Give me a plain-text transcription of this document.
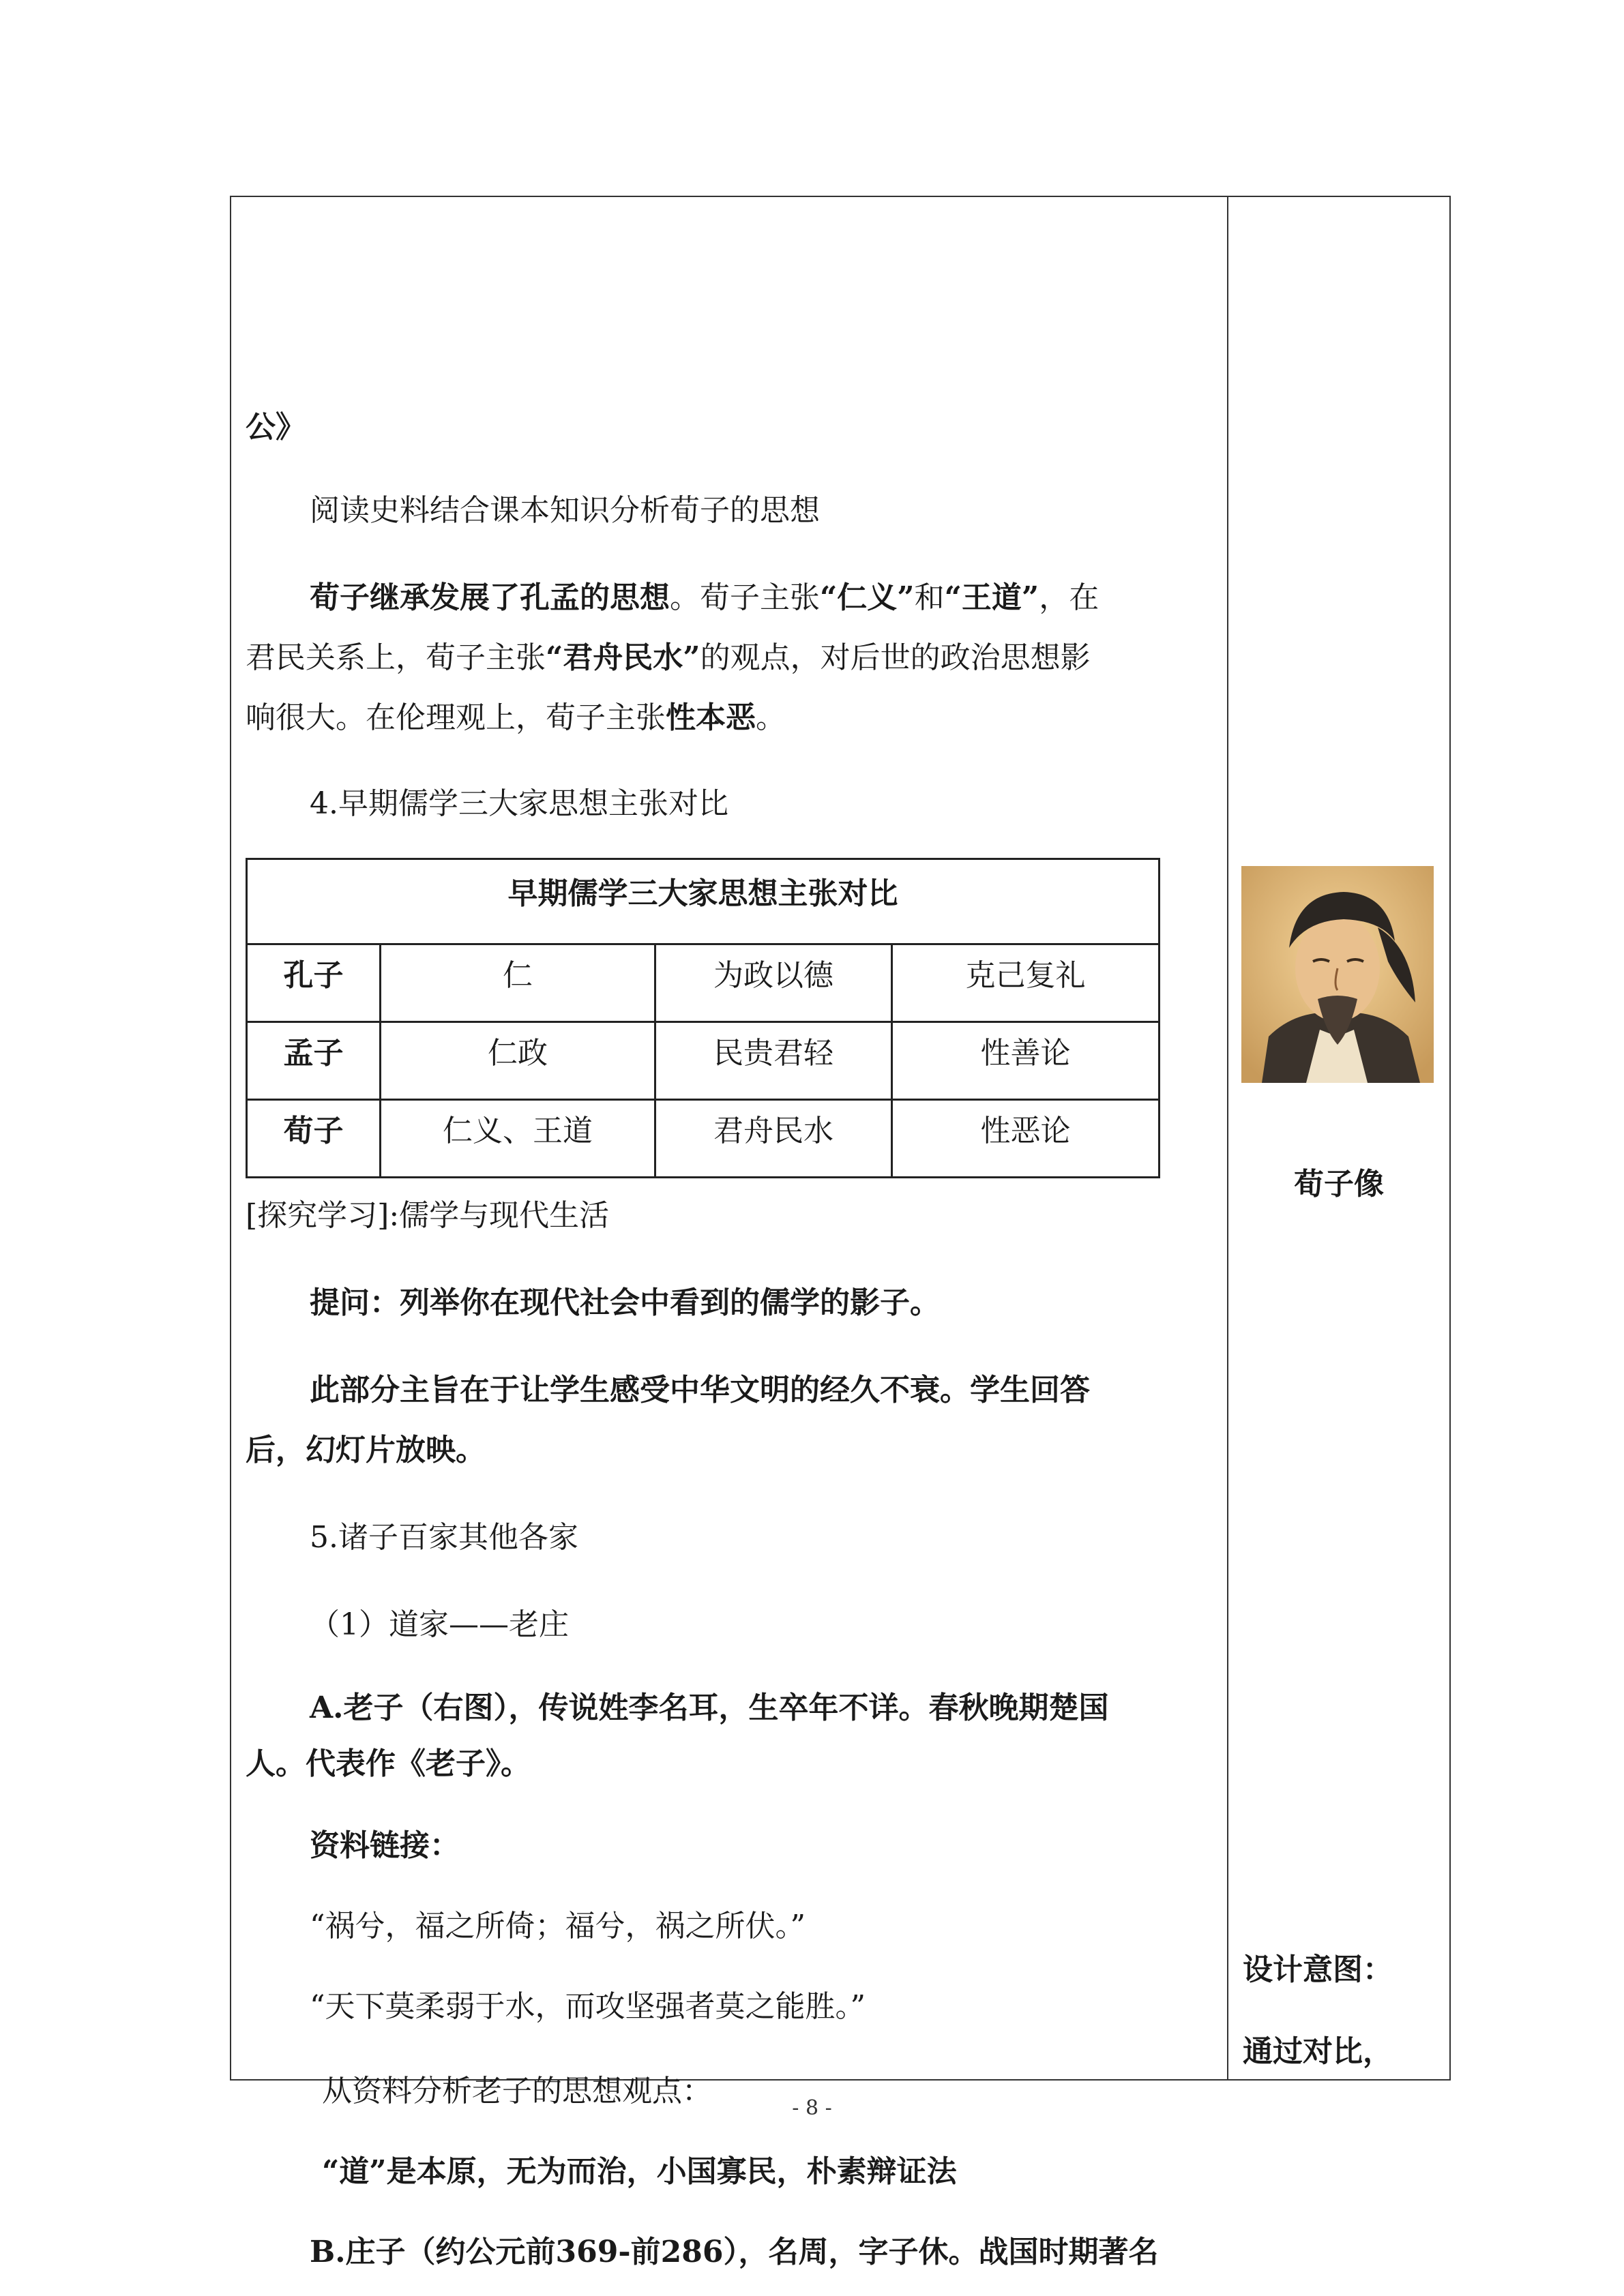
公》
阅读史料结合课本知识分析荀子的思想
荀子继承发展了孔孟的思想。荀子主张“仁义”和“王道”，在
君民关系上，荀子主张“君舟民水”的观点，对后世的政治思想影
响很大。在伦理观上，荀子主张性本恶。
4.早期儒学三大家思想主张对比
早期儒学三大家思想主张对比			
孔子	仁	为政以德	克己复礼
孟子	仁政	民贵君轻	性善论
荀子	仁义、王道	君舟民水	性恶论
[探究学习]:儒学与现代生活
提问：列举你在现代社会中看到的儒学的影子。
此部分主旨在于让学生感受中华文明的经久不衰。学生回答
后，幻灯片放映。
5.诸子百家其他各家
（1）道家——老庄
A.老子（右图），传说姓李名耳，生卒年不详。春秋晚期楚国
人。代表作《老子》。
资料链接：
“祸兮，福之所倚；福兮，祸之所伏。”
“天下莫柔弱于水，而攻坚强者莫之能胜。”
从资料分析老子的思想观点：
“道”是本原，无为而治，小国寡民，朴素辩证法
B.庄子（约公元前369-前286），名周，字子休。战国时期著名
荀子像
设计意图：
通过对比，
- 8 -
